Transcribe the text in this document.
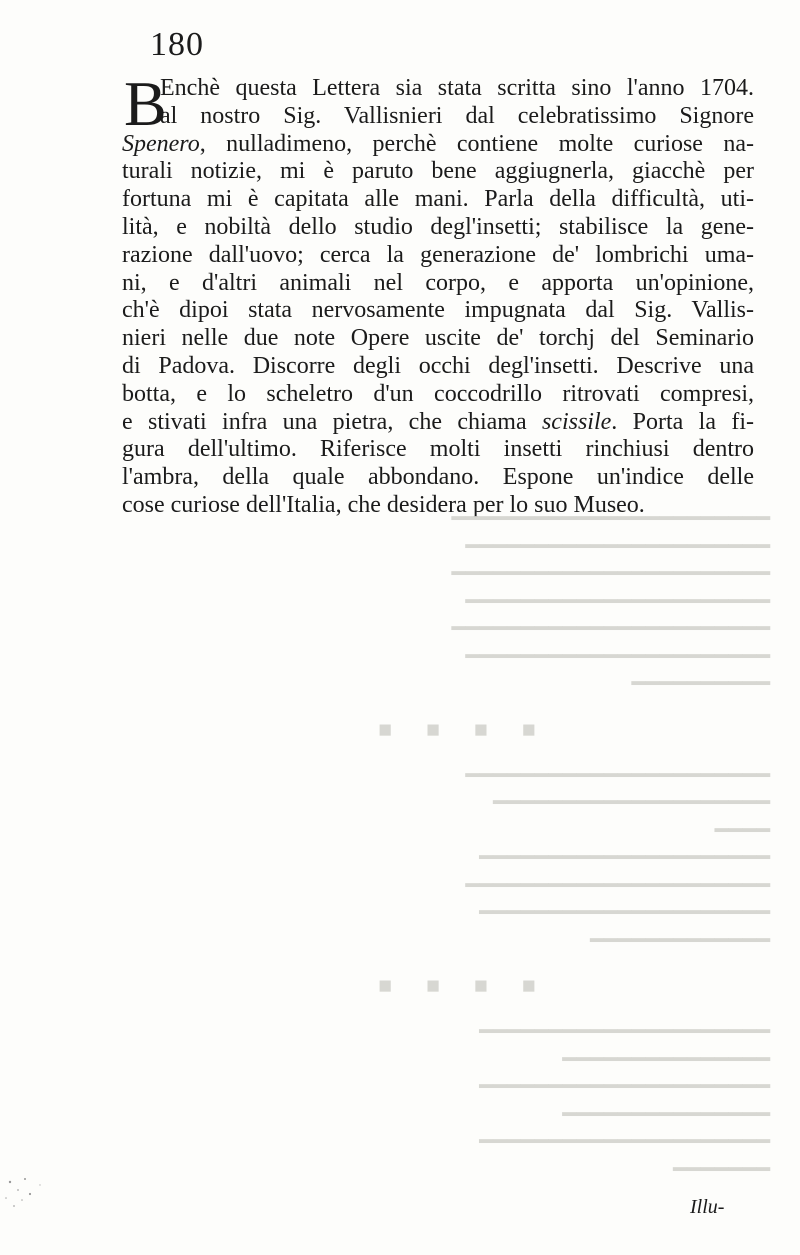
180
B
Enchè questa Lettera sia stata scritta sino l'anno 1704.
al nostro Sig. Vallisnieri dal celebratissimo Signore
Spenero, nulladimeno, perchè contiene molte curiose na-
turali notizie, mi è paruto bene aggiugnerla, giacchè per
fortuna mi è capitata alle mani. Parla della difficultà, uti-
lità, e nobiltà dello studio degl'insetti; stabilisce la gene-
razione dall'uovo; cerca la generazione de' lombrichi uma-
ni, e d'altri animali nel corpo, e apporta un'opinione,
ch'è dipoi stata nervosamente impugnata dal Sig. Vallis-
nieri nelle due note Opere uscite de' torchj del Seminario
di Padova. Discorre degli occhi degl'insetti. Descrive una
botta, e lo scheletro d'un coccodrillo ritrovati compresi,
e stivati infra una pietra, che chiama scissile. Porta la fi-
gura dell'ultimo. Riferisce molti insetti rinchiusi dentro
l'ambra, della quale abbondano. Espone un'indice delle
cose curiose dell'Italia, che desidera per lo suo Museo.
━━━━━━━━━━━━━━━━━━━━━━━
━━━━━━━━━━━━━━━━━━━━━━
━━━━━━━━━━━━━━━━━━━━━━━
━━━━━━━━━━━━━━━━━━━━━━
━━━━━━━━━━━━━━━━━━━━━━━
━━━━━━━━━━━━━━━━━━━━━━
━━━━━━━━━━
■■■■
━━━━━━━━━━━━━━━━━━━━━━
━━━━━━━━━━━━━━━━━━━━
━━━━
━━━━━━━━━━━━━━━━━━━━━
━━━━━━━━━━━━━━━━━━━━━━
━━━━━━━━━━━━━━━━━━━━━
━━━━━━━━━━━━━
■■■■
━━━━━━━━━━━━━━━━━━━━━
━━━━━━━━━━━━━━━
━━━━━━━━━━━━━━━━━━━━━
━━━━━━━━━━━━━━━
━━━━━━━━━━━━━━━━━━━━━
━━━━━━━
Illu-
